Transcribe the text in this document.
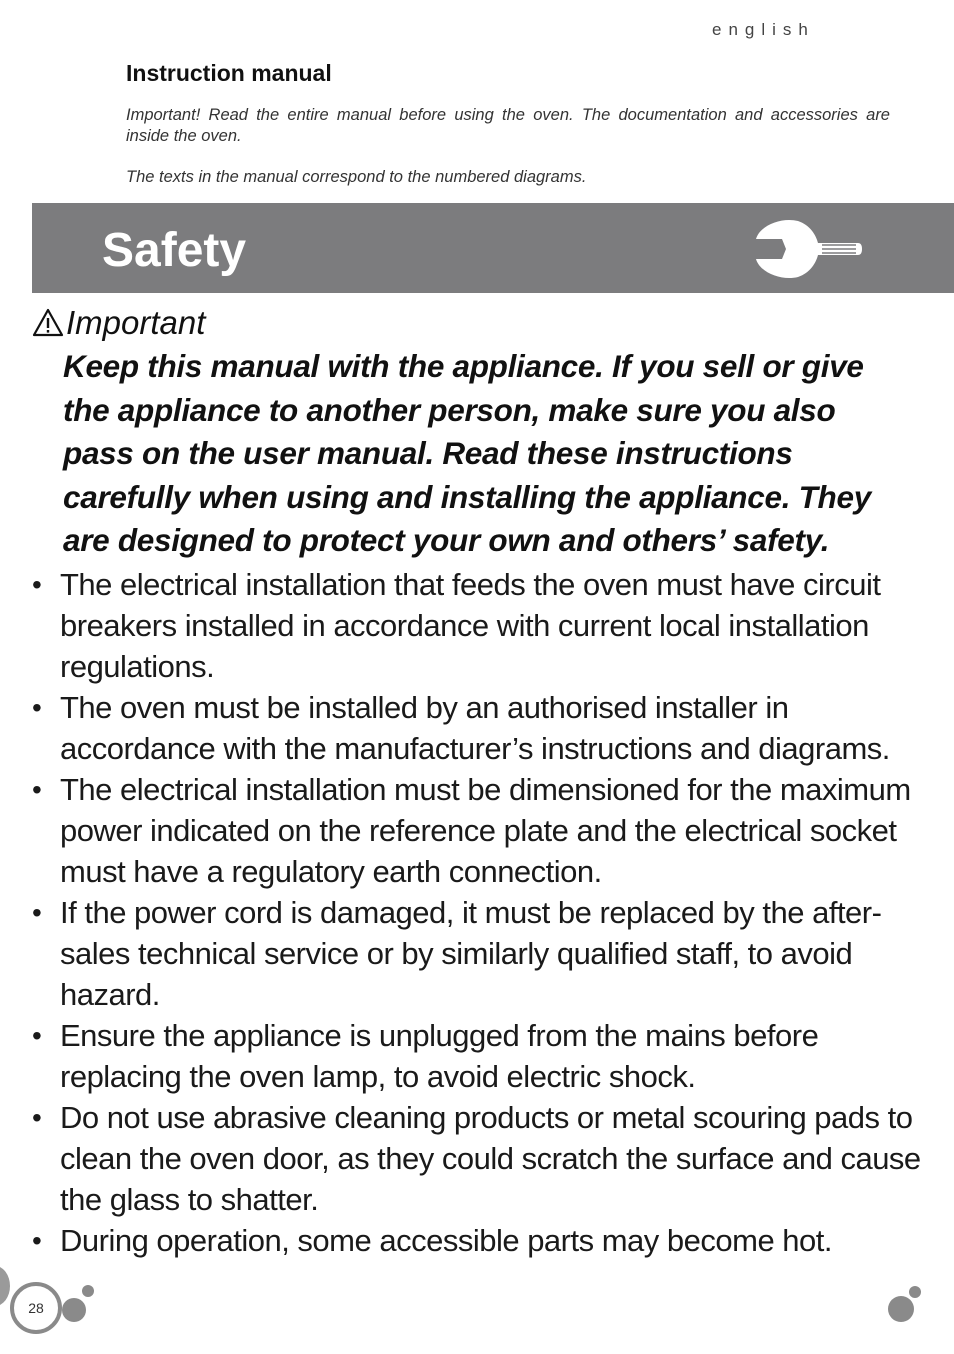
english
Instruction manual

Important! Read the entire manual before using the oven. The documentation and accessories are inside the oven.

The texts in the manual correspond to the numbered diagrams.

Safety
Important
Keep this manual with the appliance. If you sell or give the appliance to another person, make sure you also pass on the user manual. Read these instructions carefully when using and installing the appliance. They are designed to protect your own and others’ safety.
• The electrical installation that feeds the oven must have circuit breakers installed in accordance with current local installation regulations.
• The oven must be installed by an authorised installer in accordance with the manufacturer’s instructions and diagrams.
• The electrical installation must be dimensioned for the maximum power indicated on the reference plate and the electrical socket must have a regulatory earth connection.
• If the power cord is damaged, it must be replaced by the after-sales technical service or by similarly qualified staff, to avoid hazard.
• Ensure the appliance is unplugged from the mains before replacing the oven lamp, to avoid electric shock.
• Do not use abrasive cleaning products or metal scouring pads to clean the oven door, as they could scratch the surface and cause the glass to shatter.
• During operation, some accessible parts may become hot.
28
